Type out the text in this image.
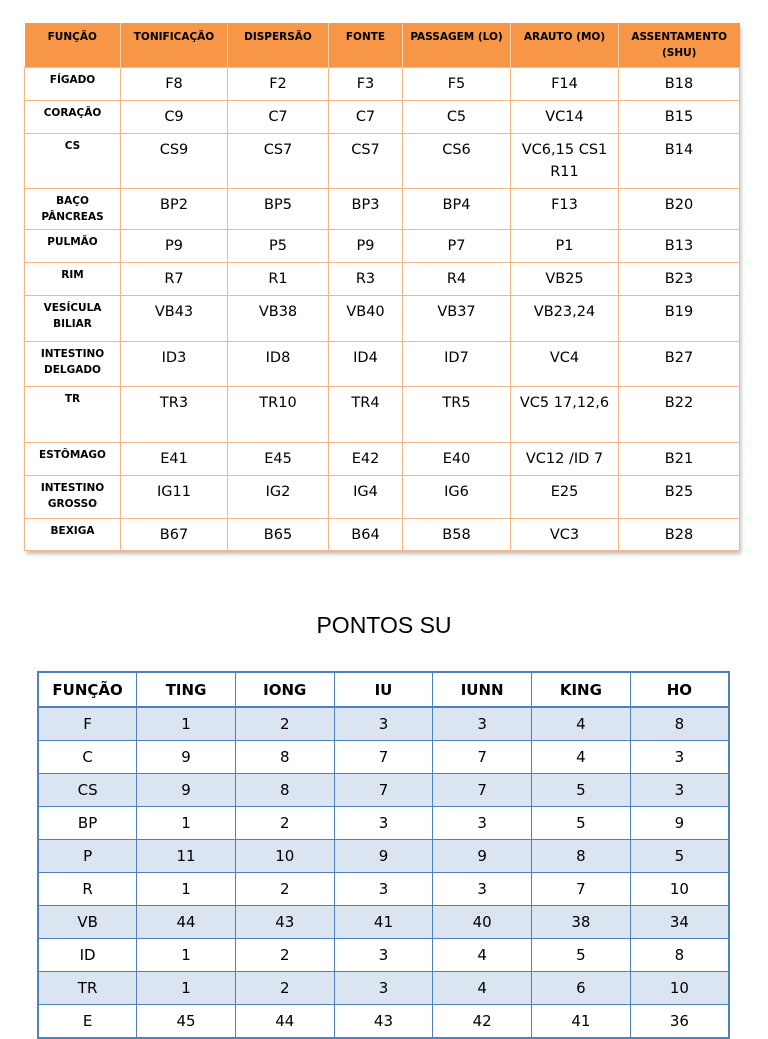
FUNÇÃO	TONIFICAÇÃO	DISPERSÃO	FONTE	PASSAGEM (LO)	ARAUTO (MO)	ASSENTAMENTO (SHU)
FÍGADO	F8	F2	F3	F5	F14	B18
CORAÇÃO	C9	C7	C7	C5	VC14	B15
CS	CS9	CS7	CS7	CS6	VC6,15 CS1 R11	B14
BAÇO PÂNCREAS	BP2	BP5	BP3	BP4	F13	B20
PULMÃO	P9	P5	P9	P7	P1	B13
RIM	R7	R1	R3	R4	VB25	B23
VESÍCULA BILIAR	VB43	VB38	VB40	VB37	VB23,24	B19
INTESTINO DELGADO	ID3	ID8	ID4	ID7	VC4	B27
TR	TR3	TR10	TR4	TR5	VC5 17,12,6	B22
ESTÔMAGO	E41	E45	E42	E40	VC12 /ID 7	B21
INTESTINO GROSSO	IG11	IG2	IG4	IG6	E25	B25
BEXIGA	B67	B65	B64	B58	VC3	B28
PONTOS SU
FUNÇÃO	TING	IONG	IU	IUNN	KING	HO
F	1	2	3	3	4	8
C	9	8	7	7	4	3
CS	9	8	7	7	5	3
BP	1	2	3	3	5	9
P	11	10	9	9	8	5
R	1	2	3	3	7	10
VB	44	43	41	40	38	34
ID	1	2	3	4	5	8
TR	1	2	3	4	6	10
E	45	44	43	42	41	36
